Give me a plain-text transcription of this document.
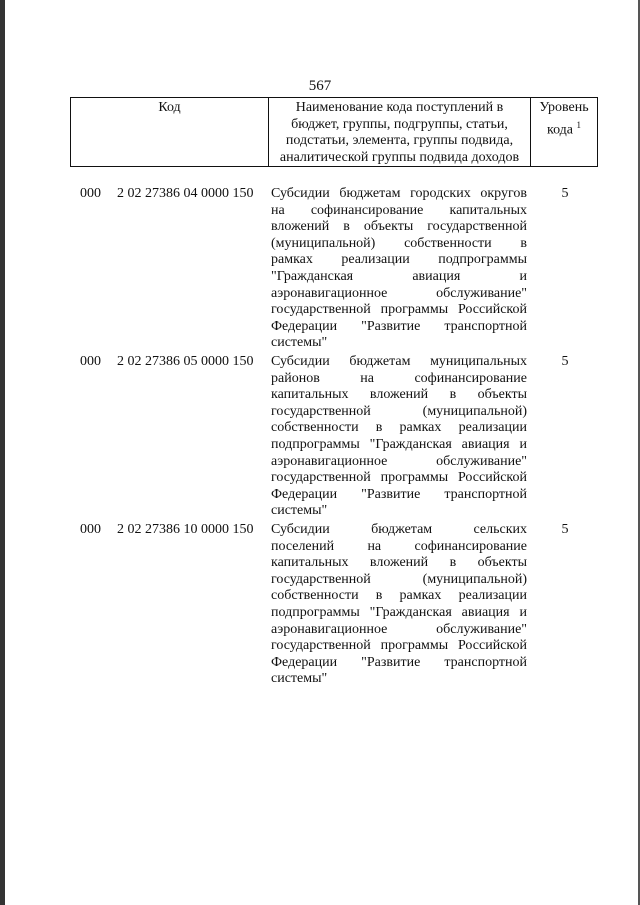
567
Код	Наименование кода поступлений в
бюджет, группы, подгруппы, статьи,
подстатьи, элемента, группы подвида,
аналитической группы подвида доходов
Уровень
кода $^1$
000 2 02 27386 04 0000 150 Субсидии бюджетам городских округов
на софинансирование капитальных
вложений в объекты государственной
(муниципальной) собственности в
рамках реализации подпрограммы
"Гражданская авиация и
аэронавигационное обслуживание"
государственной программы Российской
Федерации "Развитие транспортной
системы"
5
000 2 02 27386 05 0000 150 Субсидии бюджетам муниципальных
районов на софинансирование
капитальных вложений в объекты
государственной (муниципальной)
собственности в рамках реализации
подпрограммы "Гражданская авиация и
аэронавигационное обслуживание"
государственной программы Российской
Федерации "Развитие транспортной
системы"
5
000 2 02 27386 10 0000 150 Субсидии бюджетам сельских
поселений на софинансирование
капитальных вложений в объекты
государственной (муниципальной)
собственности в рамках реализации
подпрограммы "Гражданская авиация и
аэронавигационное обслуживание"
государственной программы Российской
Федерации "Развитие транспортной
системы"
5
